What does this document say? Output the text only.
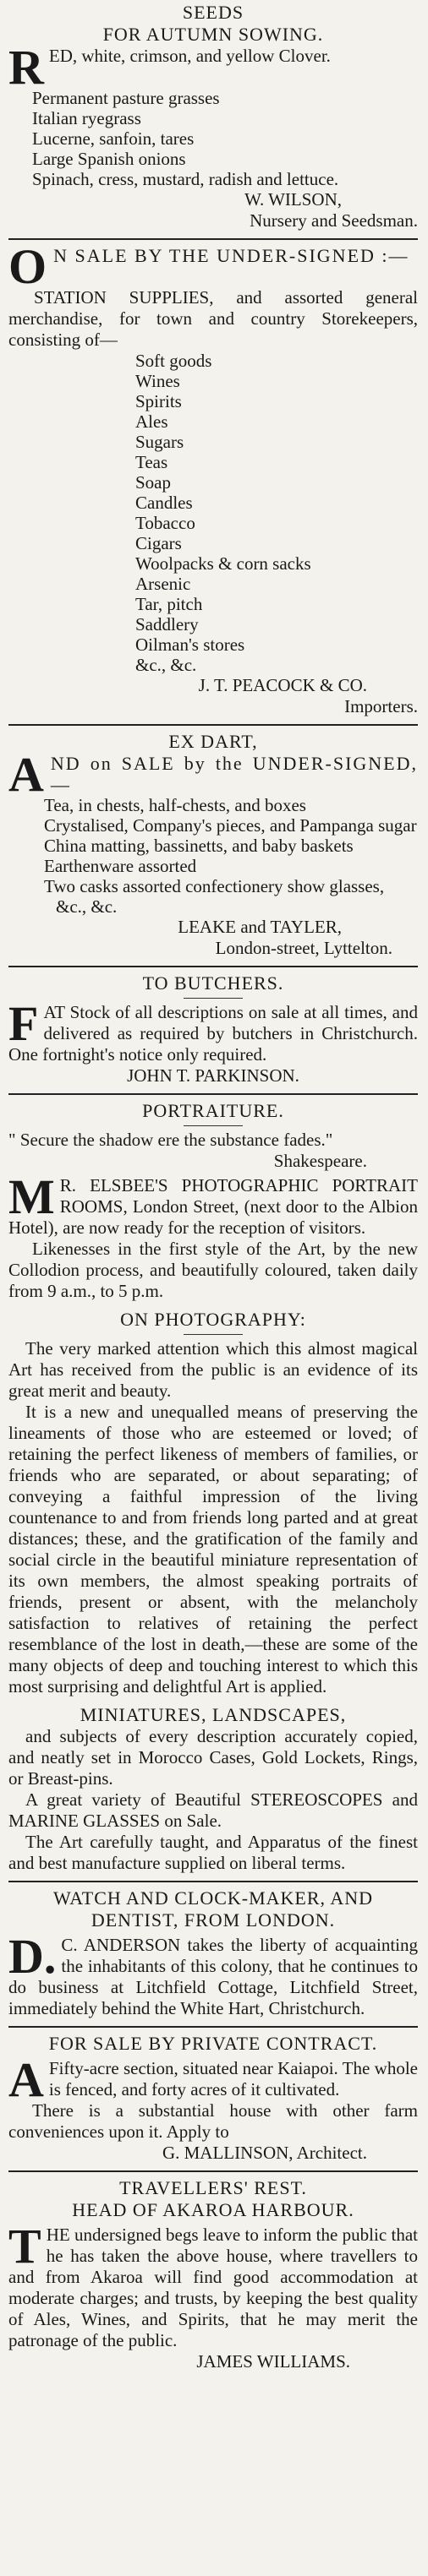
SEEDS
FOR AUTUMN SOWING.

R ED, white, crimson, and yellow Clover.

Permanent pasture grasses

Italian ryegrass

Lucerne, sanfoin, tares

Large Spanish onions

Spinach, cress, mustard, radish and lettuce.

W. WILSON,
Nursery and Seedsman.

O N SALE BY THE UNDER-SIGNED :—

STATION SUPPLIES, and assorted general merchandise, for town and country Storekeepers, consisting of—

Soft goods

Wines

Spirits

Ales

Sugars

Teas

Soap

Candles

Tobacco

Cigars

Woolpacks & corn sacks

Arsenic

Tar, pitch

Saddlery

Oilman's stores

&c., &c.

J. T. PEACOCK & CO.
Importers.
EX DART,

A ND on SALE by the UNDER-SIGNED,—

Tea, in chests, half-chests, and boxes

Crystalised, Company's pieces, and Pampanga sugar

China matting, bassinetts, and baby baskets

Earthenware assorted

Two casks assorted confectionery show glasses, &c., &c.

LEAKE and TAYLER,
London-street, Lyttelton.
TO BUTCHERS.

F AT Stock of all descriptions on sale at all times, and delivered as required by butchers in Christchurch. One fortnight's notice only required.

JOHN T. PARKINSON.
PORTRAITURE.

" Secure the shadow ere the substance fades."

Shakespeare.

M R. ELSBEE'S PHOTOGRAPHIC PORTRAIT ROOMS, London Street, (next door to the Albion Hotel), are now ready for the reception of visitors.

Likenesses in the first style of the Art, by the new Collodion process, and beautifully coloured, taken daily from 9 a.m., to 5 p.m.

ON PHOTOGRAPHY:

The very marked attention which this almost magical Art has received from the public is an evidence of its great merit and beauty.

It is a new and unequalled means of preserving the lineaments of those who are esteemed or loved; of retaining the perfect likeness of members of families, or friends who are separated, or about separating; of conveying a faithful impression of the living countenance to and from friends long parted and at great distances; these, and the gratification of the family and social circle in the beautiful miniature representation of its own members, the almost speaking portraits of friends, present or absent, with the melancholy satisfaction to relatives of retaining the perfect resemblance of the lost in death,—these are some of the many objects of deep and touching interest to which this most surprising and delightful Art is applied.

MINIATURES, LANDSCAPES,

and subjects of every description accurately copied, and neatly set in Morocco Cases, Gold Lockets, Rings, or Breast-pins.

A great variety of Beautiful STEREOSCOPES and MARINE GLASSES on Sale.

The Art carefully taught, and Apparatus of the finest and best manufacture supplied on liberal terms.

WATCH AND CLOCK-MAKER, AND DENTIST, FROM LONDON.

D. C. ANDERSON takes the liberty of acquainting the inhabitants of this colony, that he continues to do business at Litchfield Cottage, Litchfield Street, immediately behind the White Hart, Christchurch.

FOR SALE BY PRIVATE CONTRACT.

A Fifty-acre section, situated near Kaiapoi. The whole is fenced, and forty acres of it cultivated.

There is a substantial house with other farm conveniences upon it. Apply to

G. MALLINSON, Architect.
TRAVELLERS' REST.
HEAD OF AKAROA HARBOUR.

T HE undersigned begs leave to inform the public that he has taken the above house, where travellers to and from Akaroa will find good accommodation at moderate charges; and trusts, by keeping the best quality of Ales, Wines, and Spirits, that he may merit the patronage of the public.

JAMES WILLIAMS.
